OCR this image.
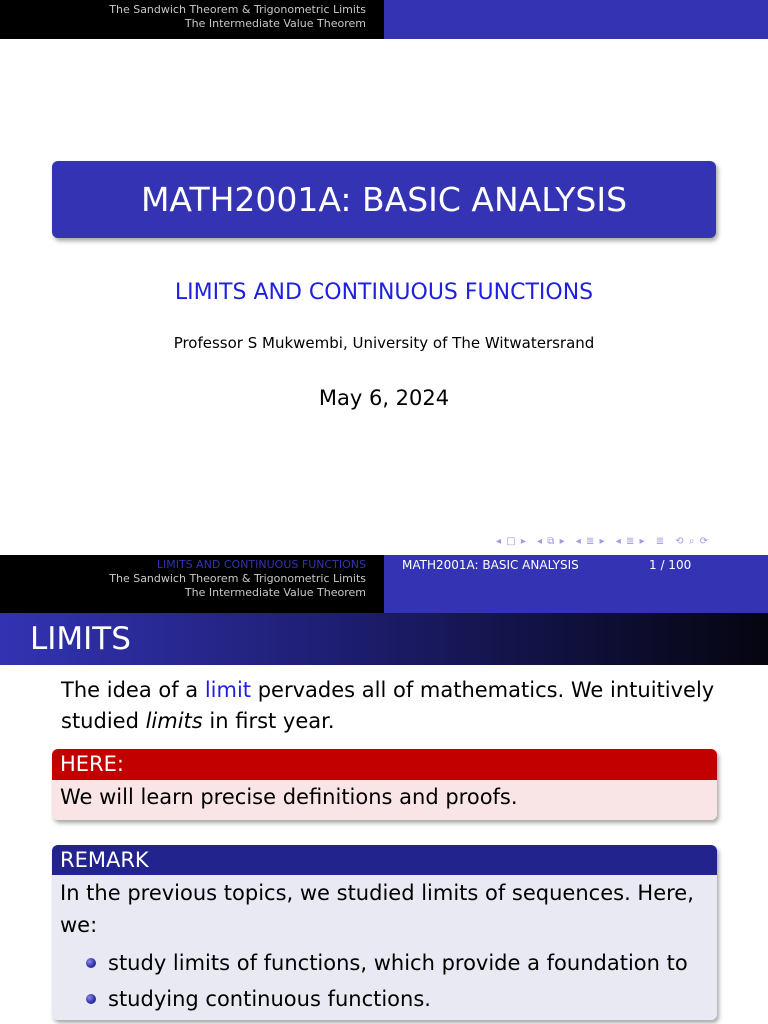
The Sandwich Theorem & Trigonometric Limits
The Intermediate Value Theorem
MATH2001A: BASIC ANALYSIS
LIMITS AND CONTINUOUS FUNCTIONS
Professor S Mukwembi, University of The Witwatersrand
May 6, 2024
◂ □ ▸ ◂ ⧉ ▸ ◂ ≣ ▸ ◂ ≣ ▸ ≣ ⟲ ⌕ ⟳
LIMITS AND CONTINUOUS FUNCTIONS
The Sandwich Theorem & Trigonometric Limits
The Intermediate Value Theorem
MATH2001A: BASIC ANALYSIS	1 / 100
LIMITS
The idea of a limit pervades all of mathematics. We intuitively studied limits in first year.
HERE:
We will learn precise definitions and proofs.
REMARK
In the previous topics, we studied limits of sequences. Here, we:
study limits of functions, which provide a foundation to
studying continuous functions.
